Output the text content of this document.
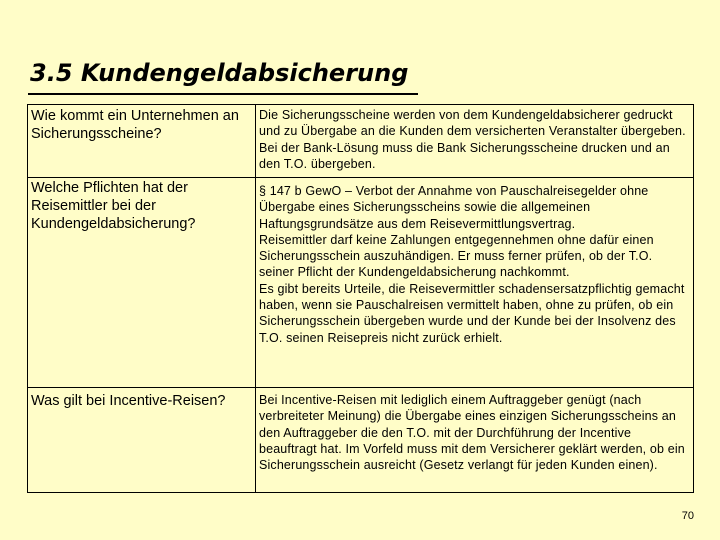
3.5 Kundengeldabsicherung
Wie kommt ein Unternehmen an Sicherungsscheine?	Die Sicherungsscheine werden von dem Kundengeldabsicherer gedruckt und zu Übergabe an die Kunden dem versicherten Veranstalter übergeben. Bei der Bank-Lösung muss die Bank Sicherungsscheine drucken und an den T.O. übergeben.

Welche Pflichten hat der Reisemittler bei der Kundengeldabsicherung?	§ 147 b GewO – Verbot der Annahme von Pauschalreisegelder ohne Übergabe eines Sicherungsscheins sowie die allgemeinen Haftungsgrundsätze aus dem Reisevermittlungsvertrag.
Reisemittler darf keine Zahlungen entgegennehmen ohne dafür einen Sicherungsschein auszuhändigen. Er muss ferner prüfen, ob der T.O. seiner Pflicht der Kundengeldabsicherung nachkommt.
Es gibt bereits Urteile, die Reisevermittler schadensersatzpflichtig gemacht haben, wenn sie Pauschalreisen vermittelt haben, ohne zu prüfen, ob ein Sicherungsschein übergeben wurde und der Kunde bei der Insolvenz des T.O. seinen Reisepreis nicht zurück erhielt.

Was gilt bei Incentive-Reisen?	Bei Incentive-Reisen mit lediglich einem Auftraggeber genügt (nach verbreiteter Meinung) die Übergabe eines einzigen Sicherungsscheins an den Auftraggeber die den T.O. mit der Durchführung der Incentive beauftragt hat. Im Vorfeld muss mit dem Versicherer geklärt werden, ob ein Sicherungsschein ausreicht (Gesetz verlangt für jeden Kunden einen).
70
